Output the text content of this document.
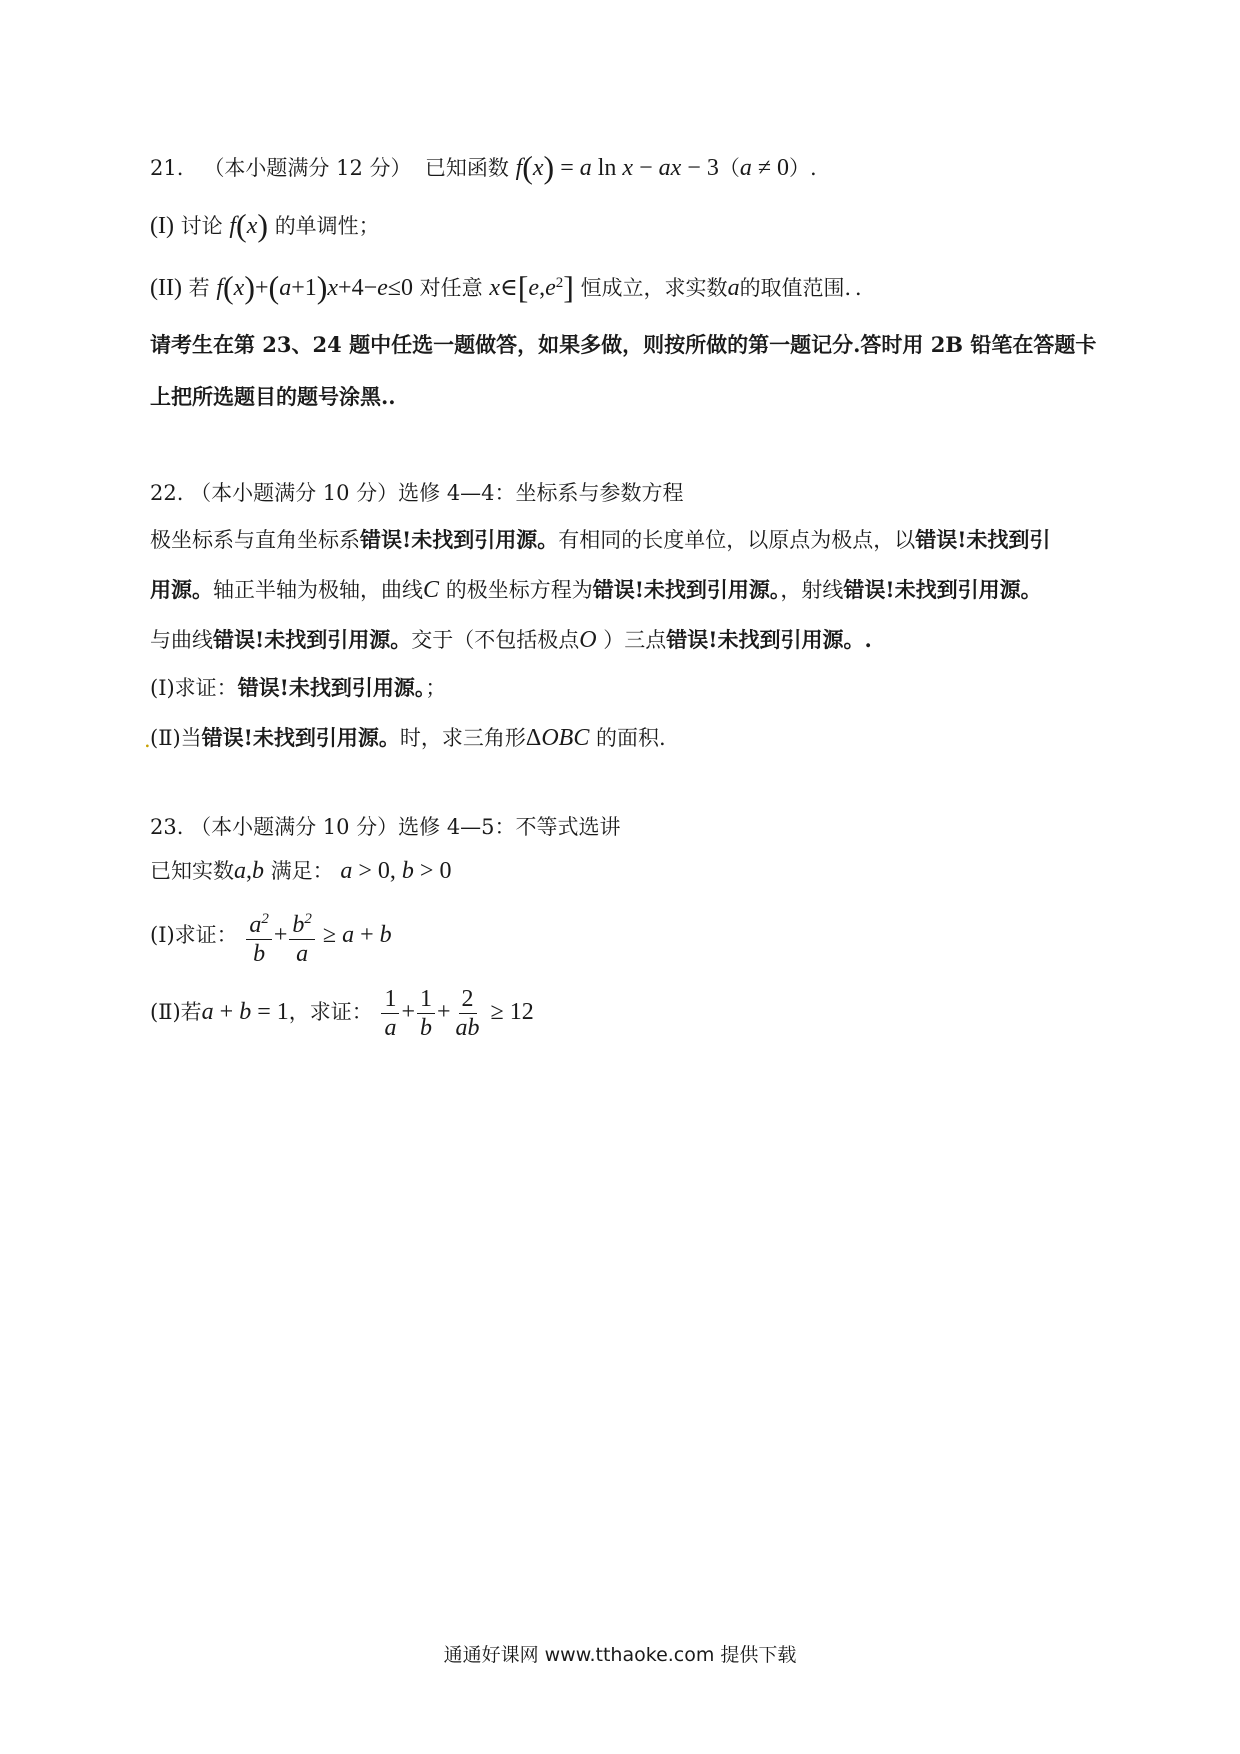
21. （本小题满分 12 分） 已知函数 f(x) = a ln x − ax − 3（a ≠ 0）.
(I) 讨论 f(x) 的单调性；
(II) 若 f(x)+(a+1)x+4−e≤0 对任意 $x\in[e,e^2]$ 恒成立，求实数a的取值范围．．
请考生在第 23、24 题中任选一题做答，如果多做，则按所做的第一题记分.答时用 2B 铅笔在答题卡
上把所选题目的题号涂黑..
22. （本小题满分 10 分）选修 4—4：坐标系与参数方程
极坐标系与直角坐标系错误!未找到引用源。有相同的长度单位，以原点为极点，以错误!未找到引
用源。轴正半轴为极轴，曲线C 的极坐标方程为错误!未找到引用源。，射线错误!未找到引用源。
与曲线错误!未找到引用源。交于（不包括极点O ）三点错误!未找到引用源。.
(Ⅰ)求证：错误!未找到引用源。；
. (Ⅱ)当错误!未找到引用源。时，求三角形ΔOBC 的面积.
23. （本小题满分 10 分）选修 4—5：不等式选讲
已知实数a,b 满足： a > 0, b > 0
(Ⅰ)求证： $\frac{a^2}{b} + \frac{b^2}{a} \ge a + b$
(Ⅱ)若a + b = 1，求证： $\frac{1}{a} + \frac{1}{b} + \frac{2}{ab} \ge 12$
通通好课网 www.tthaoke.com 提供下载
